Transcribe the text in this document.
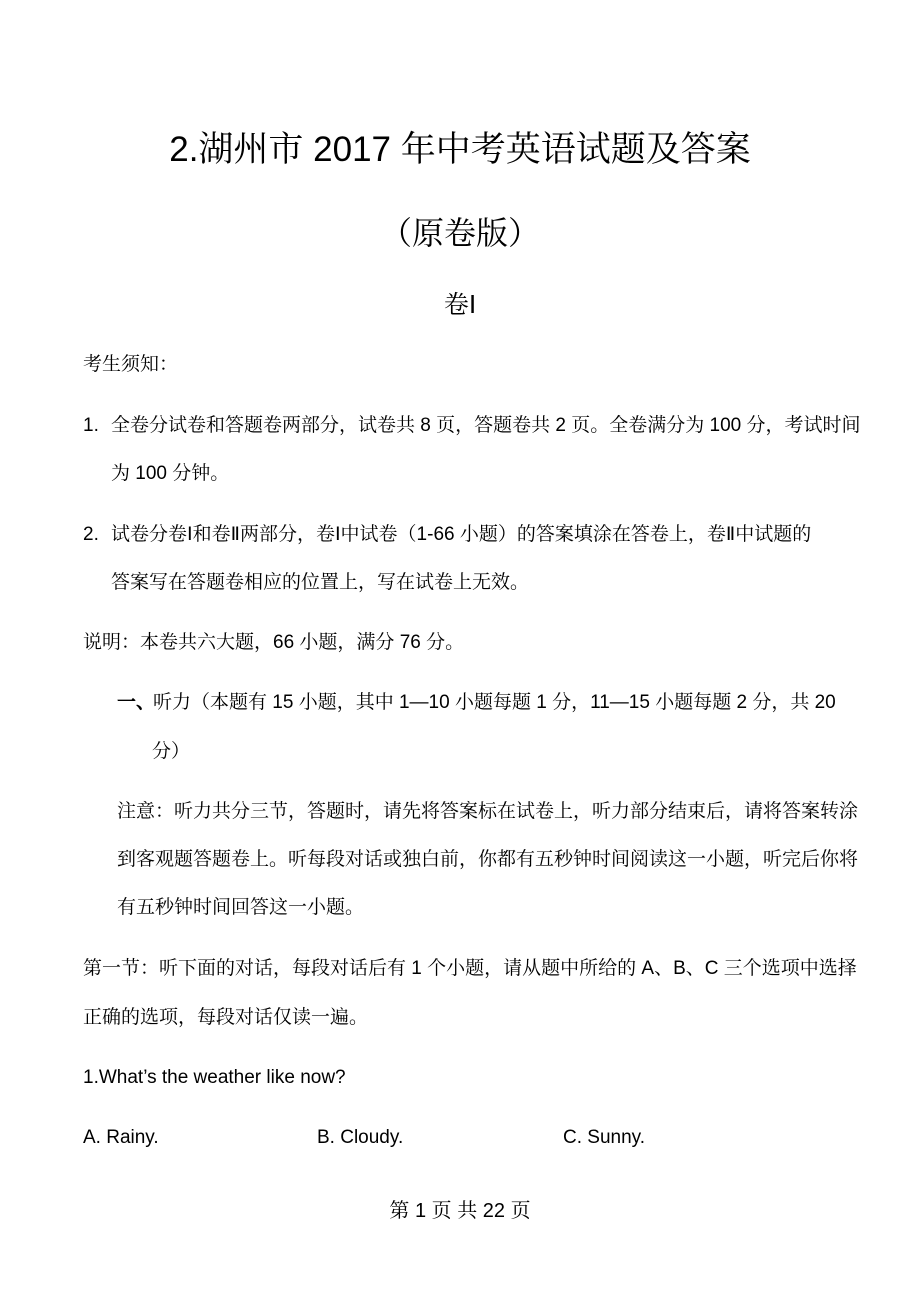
2.湖州市 2017 年中考英语试题及答案
（原卷版）
卷Ⅰ
考生须知：
1. 全卷分试卷和答题卷两部分，试卷共 8 页，答题卷共 2 页。全卷满分为 100 分，考试时间
为 100 分钟。
2. 试卷分卷Ⅰ和卷Ⅱ两部分，卷Ⅰ中试卷（1-66 小题）的答案填涂在答卷上，卷Ⅱ中试题的
答案写在答题卷相应的位置上，写在试卷上无效。
说明：本卷共六大题，66 小题，满分 76 分。
一、
听力（本题有 15 小题，其中 1—10 小题每题 1 分，11—15 小题每题 2 分，共 20
分）
注意：听力共分三节，答题时，请先将答案标在试卷上，听力部分结束后，请将答案转涂
到客观题答题卷上。听每段对话或独白前，你都有五秒钟时间阅读这一小题，听完后你将
有五秒钟时间回答这一小题。
第一节：听下面的对话，每段对话后有 1 个小题，请从题中所给的 A、B、C 三个选项中选择
正确的选项，每段对话仅读一遍。
1.What’s the weather like now?
A. Rainy.	B. Cloudy.	C. Sunny.
第 1 页 共 22 页
